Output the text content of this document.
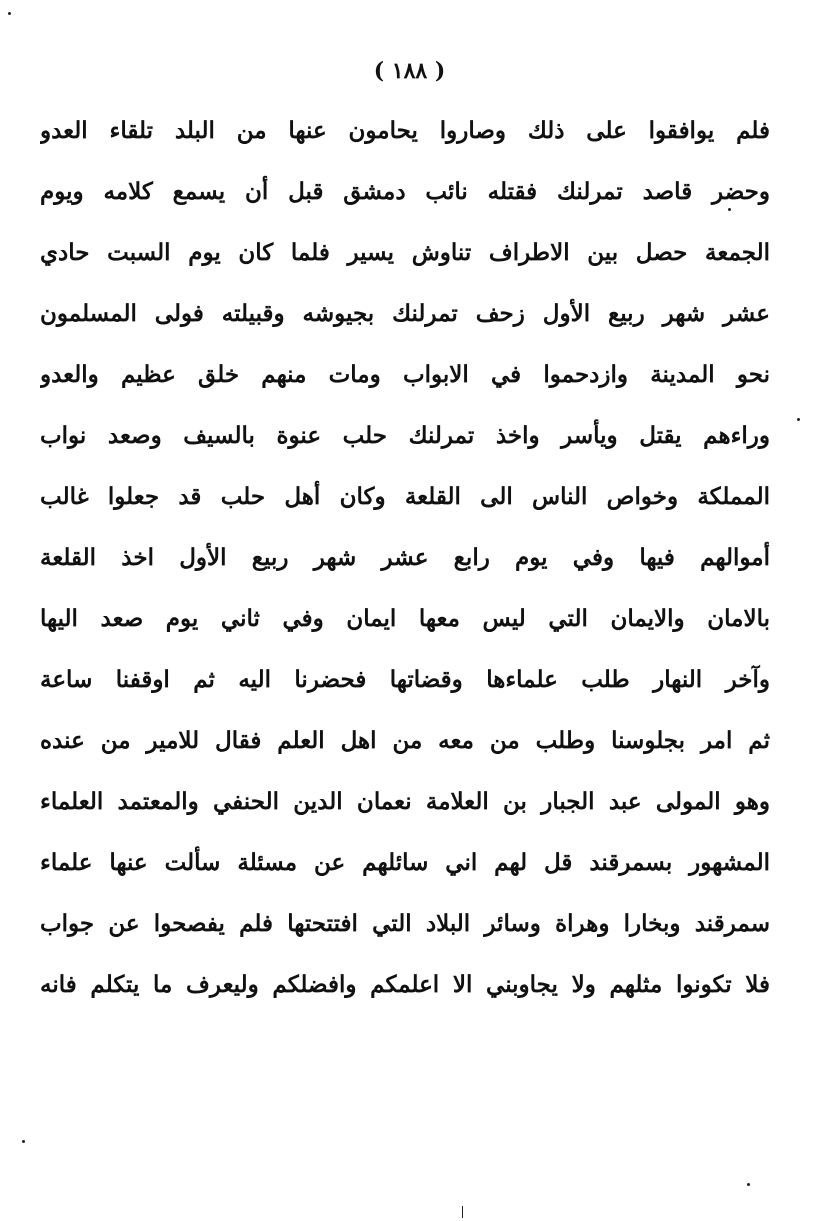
( ۱۸۸ )
فلم يوافقوا على ذلك وصاروا يحامون عنها من البلد تلقاء العدو
وحضر قاصد تمرلنك فقتله نائب دمشق قبل أن يسمع كلامه ويوم
الجمعة حصل بين الاطراف تناوش يسير فلما كان يوم السبت حادي
عشر شهر ربيع الأول زحف تمرلنك بجيوشه وقبيلته فولى المسلمون
نحو المدينة وازدحموا في الابواب ومات منهم خلق عظيم والعدو
وراءهم يقتل ويأسر واخذ تمرلنك حلب عنوة بالسيف وصعد نواب
المملكة وخواص الناس الى القلعة وكان أهل حلب قد جعلوا غالب
أموالهم فيها وفي يوم رابع عشر شهر ربيع الأول اخذ القلعة
بالامان والايمان التي ليس معها ايمان وفي ثاني يوم صعد اليها
وآخر النهار طلب علماءها وقضاتها فحضرنا اليه ثم اوقفنا ساعة
ثم امر بجلوسنا وطلب من معه من اهل العلم فقال للامير من عنده
وهو المولى عبد الجبار بن العلامة نعمان الدين الحنفي والمعتمد العلماء
المشهور بسمرقند قل لهم اني سائلهم عن مسئلة سألت عنها علماء
سمرقند وبخارا وهراة وسائر البلاد التي افتتحتها فلم يفصحوا عن جواب
فلا تكونوا مثلهم ولا يجاوبني الا اعلمكم وافضلكم وليعرف ما يتكلم فانه
